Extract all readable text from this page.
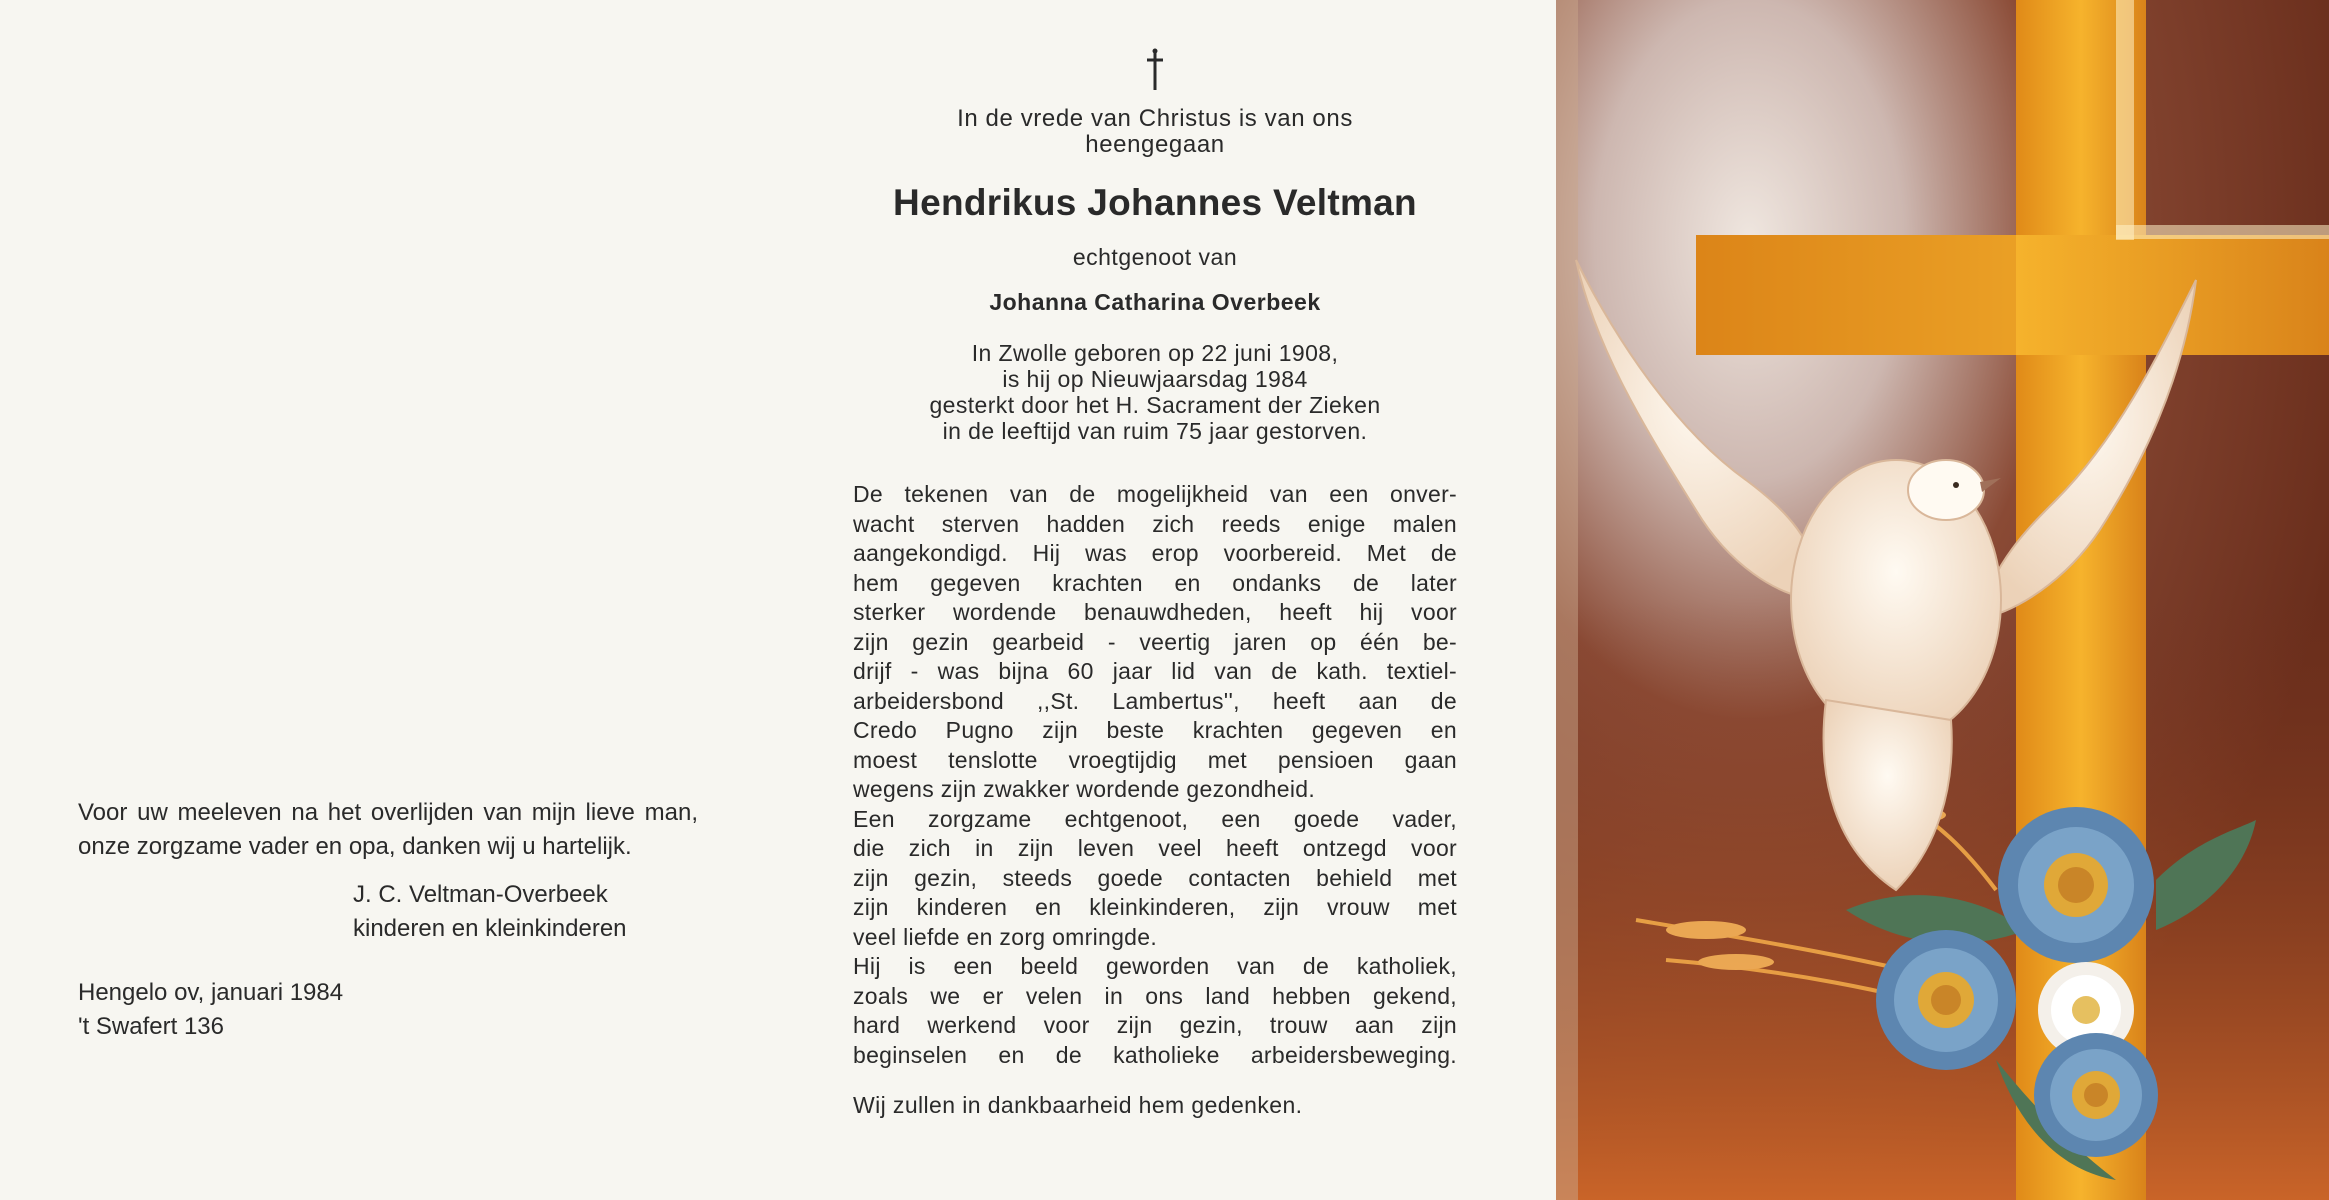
Voor uw meeleven na het overlijden van mijn lieve man, onze zorgzame vader en opa, danken wij u hartelijk.

J. C. Veltman-Overbeek
kinderen en kleinkinderen
Hengelo ov, januari 1984
't Swafert 136

In de vrede van Christus is van ons
heengegaan

Hendrikus Johannes Veltman

echtgenoot van

Johanna Catharina Overbeek

In Zwolle geboren op 22 juni 1908,
is hij op Nieuwjaarsdag 1984
gesterkt door het H. Sacrament der Zieken
in de leeftijd van ruim 75 jaar gestorven.

De tekenen van de mogelijkheid van een onver-
wacht sterven hadden zich reeds enige malen
aangekondigd. Hij was erop voorbereid. Met de
hem gegeven krachten en ondanks de later
sterker wordende benauwdheden, heeft hij voor
zijn gezin gearbeid - veertig jaren op één be-
drijf - was bijna 60 jaar lid van de kath. textiel-
arbeidersbond ,,St. Lambertus'', heeft aan de
Credo Pugno zijn beste krachten gegeven en
moest tenslotte vroegtijdig met pensioen gaan
wegens zijn zwakker wordende gezondheid.
Een zorgzame echtgenoot, een goede vader,
die zich in zijn leven veel heeft ontzegd voor
zijn gezin, steeds goede contacten behield met
zijn kinderen en kleinkinderen, zijn vrouw met
veel liefde en zorg omringde.
Hij is een beeld geworden van de katholiek,
zoals we er velen in ons land hebben gekend,
hard werkend voor zijn gezin, trouw aan zijn
beginselen en de katholieke arbeidersbeweging.

Wij zullen in dankbaarheid hem gedenken.
